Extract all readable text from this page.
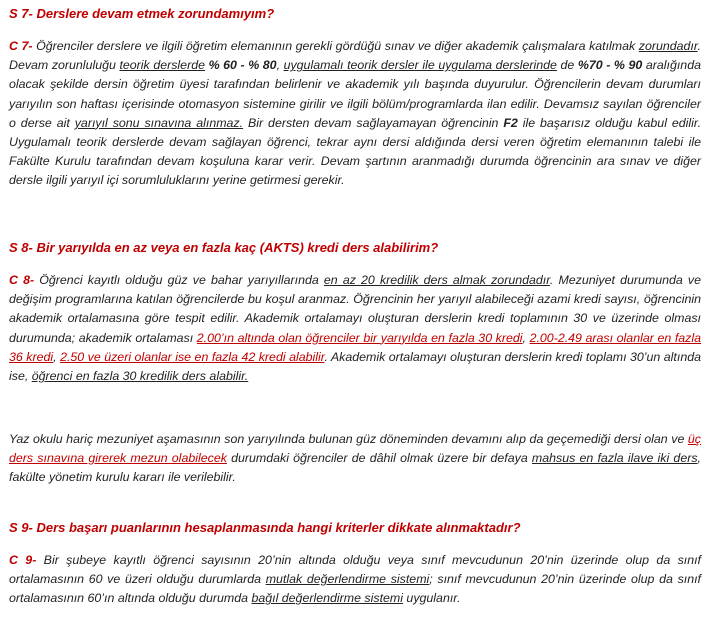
S 7- Derslere devam etmek zorundamıyım?

C 7- Öğrenciler derslere ve ilgili öğretim elemanının gerekli gördüğü sınav ve diğer akademik çalışmalara katılmak zorundadır. Devam zorunluluğu teorik derslerde % 60 - % 80, uygulamalı teorik dersler ile uygulama derslerinde de %70 - % 90 aralığında olacak şekilde dersin öğretim üyesi tarafından belirlenir ve akademik yılı başında duyurulur. Öğrencilerin devam durumları yarıyılın son haftası içerisinde otomasyon sistemine girilir ve ilgili bölüm/programlarda ilan edilir. Devamsız sayılan öğrenciler o derse ait yarıyıl sonu sınavına alınmaz. Bir dersten devam sağlayamayan öğrencinin F2 ile başarısız olduğu kabul edilir. Uygulamalı teorik derslerde devam sağlayan öğrenci, tekrar aynı dersi aldığında dersi veren öğretim elemanının talebi ile Fakülte Kurulu tarafından devam koşuluna karar verir. Devam şartının aranmadığı durumda öğrencinin ara sınav ve diğer dersle ilgili yarıyıl içi sorumluluklarını yerine getirmesi gerekir.

S 8- Bir yarıyılda en az veya en fazla kaç (AKTS) kredi ders alabilirim?

C 8- Öğrenci kayıtlı olduğu güz ve bahar yarıyıllarında en az 20 kredilik ders almak zorundadır. Mezuniyet durumunda ve değişim programlarına katılan öğrencilerde bu koşul aranmaz. Öğrencinin her yarıyıl alabileceği azami kredi sayısı, öğrencinin akademik ortalamasına göre tespit edilir. Akademik ortalamayı oluşturan derslerin kredi toplamının 30 ve üzerinde olması durumunda; akademik ortalaması 2.00’ın altında olan öğrenciler bir yarıyılda en fazla 30 kredi, 2.00-2.49 arası olanlar en fazla 36 kredi, 2.50 ve üzeri olanlar ise en fazla 42 kredi alabilir. Akademik ortalamayı oluşturan derslerin kredi toplamı 30’un altında ise, öğrenci en fazla 30 kredilik ders alabilir.

Yaz okulu hariç mezuniyet aşamasının son yarıyılında bulunan güz döneminden devamını alıp da geçemediği dersi olan ve üç ders sınavına girerek mezun olabilecek durumdaki öğrenciler de dâhil olmak üzere bir defaya mahsus en fazla ilave iki ders, fakülte yönetim kurulu kararı ile verilebilir.

S 9- Ders başarı puanlarının hesaplanmasında hangi kriterler dikkate alınmaktadır?

C 9- Bir şubeye kayıtlı öğrenci sayısının 20’nin altında olduğu veya sınıf mevcudunun 20’nin üzerinde olup da sınıf ortalamasının 60 ve üzeri olduğu durumlarda mutlak değerlendirme sistemi; sınıf mevcudunun 20’nin üzerinde olup da sınıf ortalamasının 60’ın altında olduğu durumda bağıl değerlendirme sistemi uygulanır.
